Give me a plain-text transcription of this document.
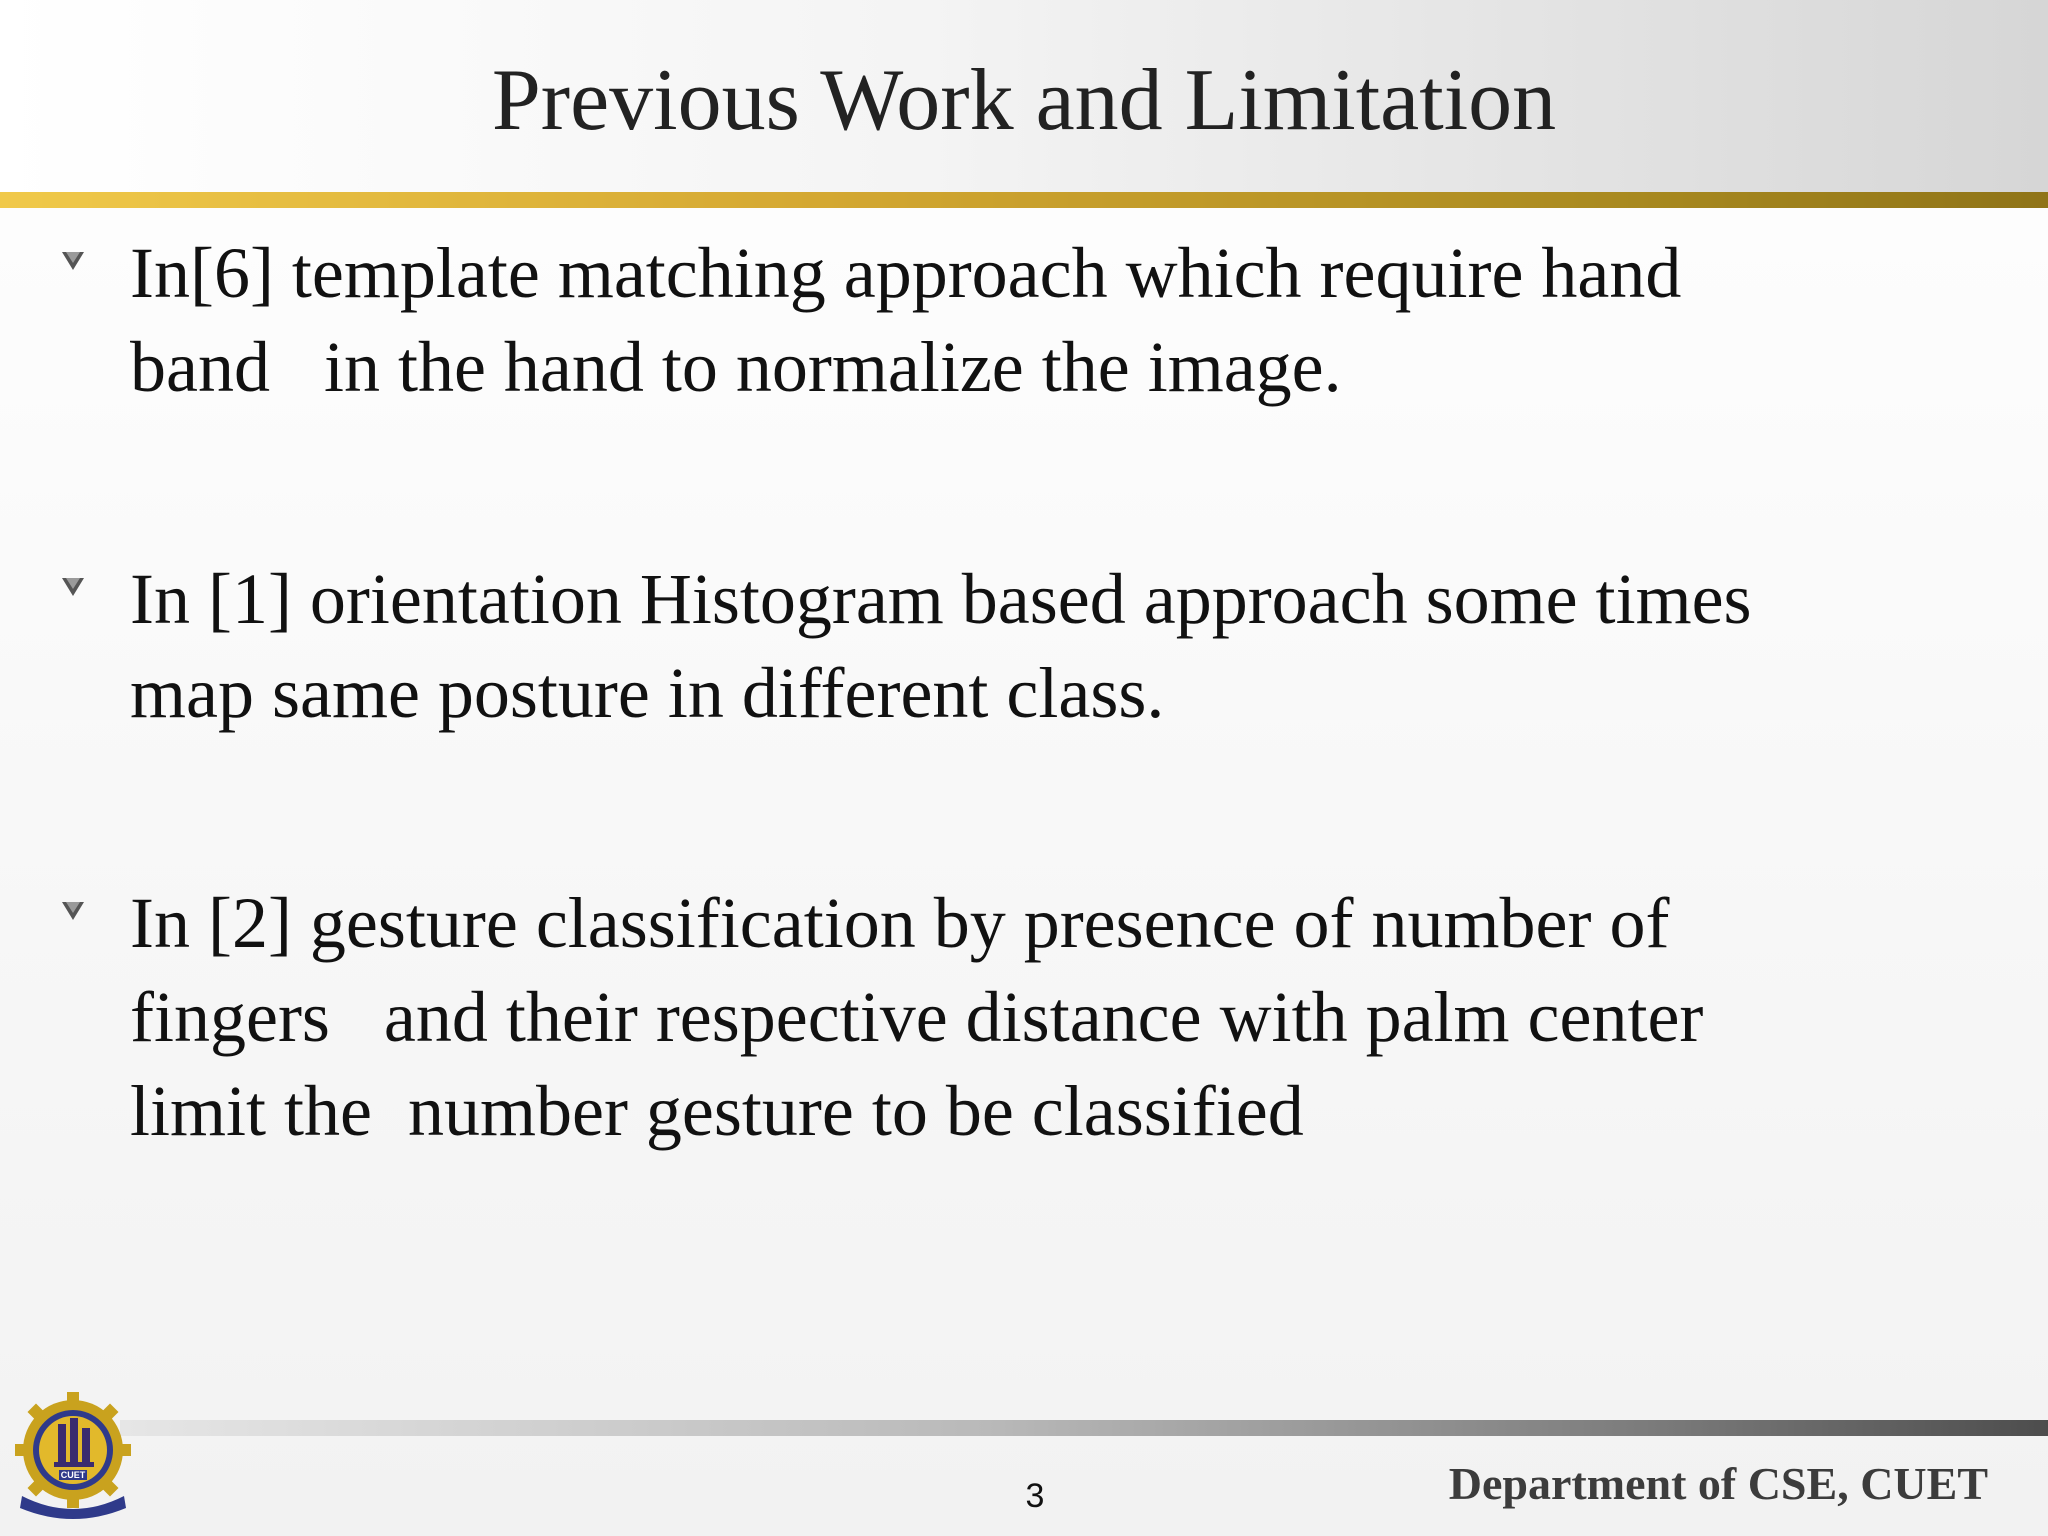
Previous Work and Limitation
In[6] template matching approach which require hand
band   in the hand to normalize the image.
In [1] orientation Histogram based approach some times
map same posture in different class.
In [2] gesture classification by presence of number of
fingers   and their respective distance with palm center
limit the  number gesture to be classified
CUET
3	Department of CSE, CUET
